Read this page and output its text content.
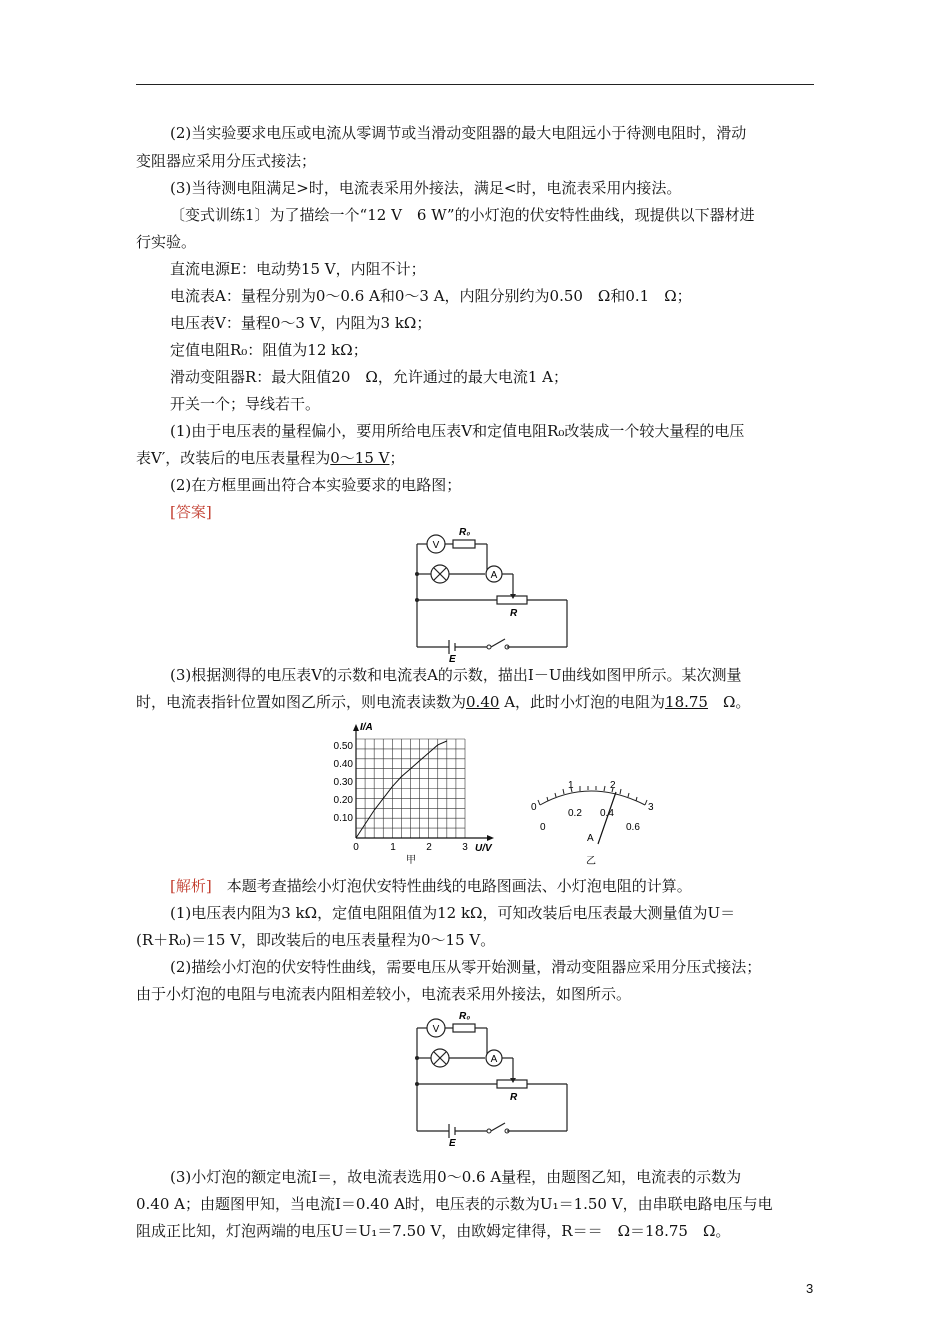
(2)当实验要求电压或电流从零调节或当滑动变阻器的最大电阻远小于待测电阻时，滑动
变阻器应采用分压式接法；
(3)当待测电阻满足>时，电流表采用外接法，满足<时，电流表采用内接法。
〔变式训练1〕为了描绘一个“12 V　6 W”的小灯泡的伏安特性曲线，现提供以下器材进
行实验。
直流电源E：电动势15 V，内阻不计；
电流表A：量程分别为0～0.6 A和0～3 A，内阻分别约为0.50　Ω和0.1　Ω；
电压表V：量程0～3 V，内阻为3 kΩ；
定值电阻R₀：阻值为12 kΩ；
滑动变阻器R：最大阻值20　Ω，允许通过的最大电流1 A；
开关一个；导线若干。
(1)由于电压表的量程偏小，要用所给电压表V和定值电阻R₀改装成一个较大量程的电压
表V′，改装后的电压表量程为0～15 V；
(2)在方框里画出符合本实验要求的电路图；
[答案]
V
A
R₀
R
E
(3)根据测得的电压表V的示数和电流表A的示数，描出I－U曲线如图甲所示。某次测量
时，电流表指针位置如图乙所示，则电流表读数为0.40 A，此时小灯泡的电阻为18.75　Ω。
I/A
U/V
0.50
0.40
0.30
0.20
0.10
0	1	2	3
甲
0
1	2
3
0
0.2 0.4
0.6
A
乙
[解析]　本题考查描绘小灯泡伏安特性曲线的电路图画法、小灯泡电阻的计算。
(1)电压表内阻为3 kΩ，定值电阻阻值为12 kΩ，可知改装后电压表最大测量值为U＝
(R＋R₀)＝15 V，即改装后的电压表量程为0～15 V。
(2)描绘小灯泡的伏安特性曲线，需要电压从零开始测量，滑动变阻器应采用分压式接法；
由于小灯泡的电阻与电流表内阻相差较小，电流表采用外接法，如图所示。
V
A
R₀
R
E
(3)小灯泡的额定电流I＝，故电流表选用0～0.6 A量程，由题图乙知，电流表的示数为
0.40 A；由题图甲知，当电流I＝0.40 A时，电压表的示数为U₁＝1.50 V，由串联电路电压与电
阻成正比知，灯泡两端的电压U＝U₁＝7.50 V，由欧姆定律得，R＝＝　Ω＝18.75　Ω。
3
